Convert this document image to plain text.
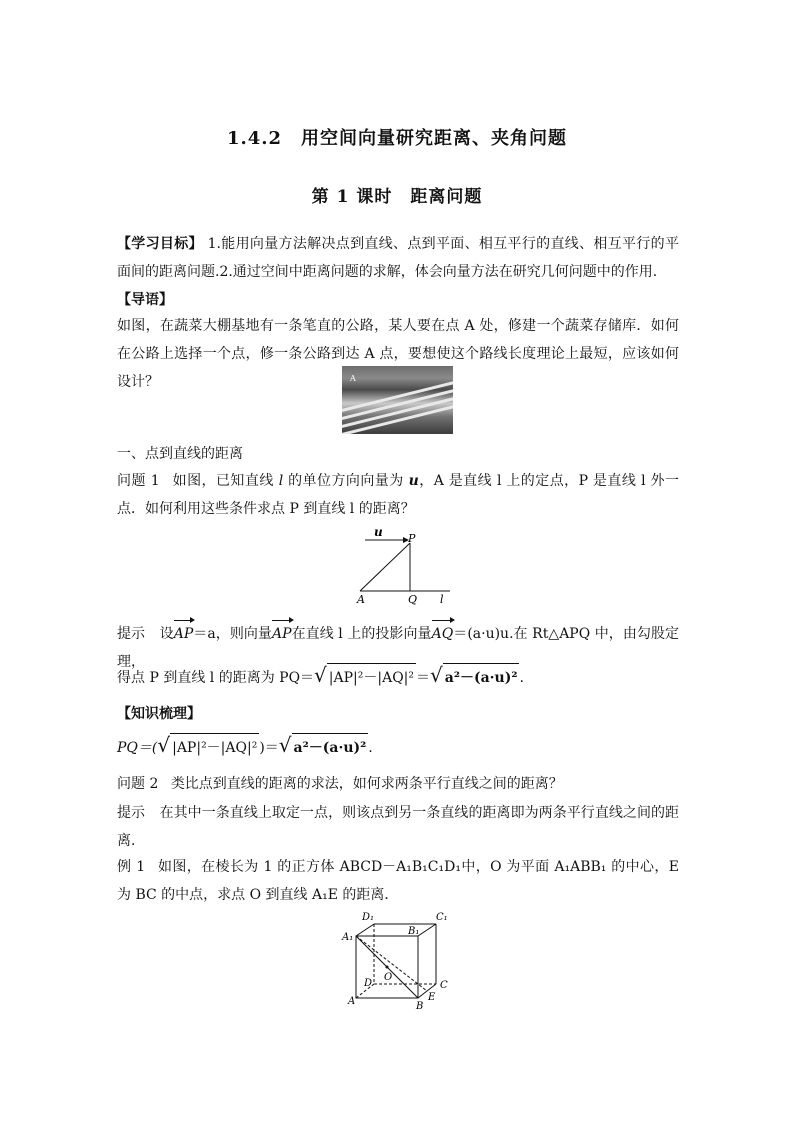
1.4.2　用空间向量研究距离、夹角问题
第 1 课时　距离问题
【学习目标】 1.能用向量方法解决点到直线、点到平面、相互平行的直线、相互平行的平面间的距离问题.2.通过空间中距离问题的求解，体会向量方法在研究几何问题中的作用.
【导语】
如图，在蔬菜大棚基地有一条笔直的公路，某人要在点 A 处，修建一个蔬菜存储库．如何在公路上选择一个点，修一条公路到达 A 点，要想使这个路线长度理论上最短，应该如何设计？	A
一、点到直线的距离
问题 1 如图，已知直线 l 的单位方向向量为 u，A 是直线 l 上的定点，P 是直线 l 外一点．如何利用这些条件求点 P 到直线 l 的距离？
u P
A	Q l
提示 设AP＝a，则向量AP在直线 l 上的投影向量AQ＝(a·u)u.在 Rt△APQ 中，由勾股定理，
得点 P 到直线 l 的距离为 PQ＝√ |AP|²－|AQ|² ＝√ a²－(a·u)² .
【知识梳理】
PQ＝(√ |AP|²－|AQ|² )＝√ a²－(a·u)² .
问题 2 类比点到直线的距离的求法，如何求两条平行直线之间的距离？
提示 在其中一条直线上取定一点，则该点到另一条直线的距离即为两条平行直线之间的距离．
例 1 如图，在棱长为 1 的正方体 ABCD－A₁B₁C₁D₁中，O 为平面 A₁ABB₁ 的中心，E 为 BC 的中点，求点 O 到直线 A₁E 的距离．
D₁	C₁
A₁
B₁
D	C
A	B
E
O
